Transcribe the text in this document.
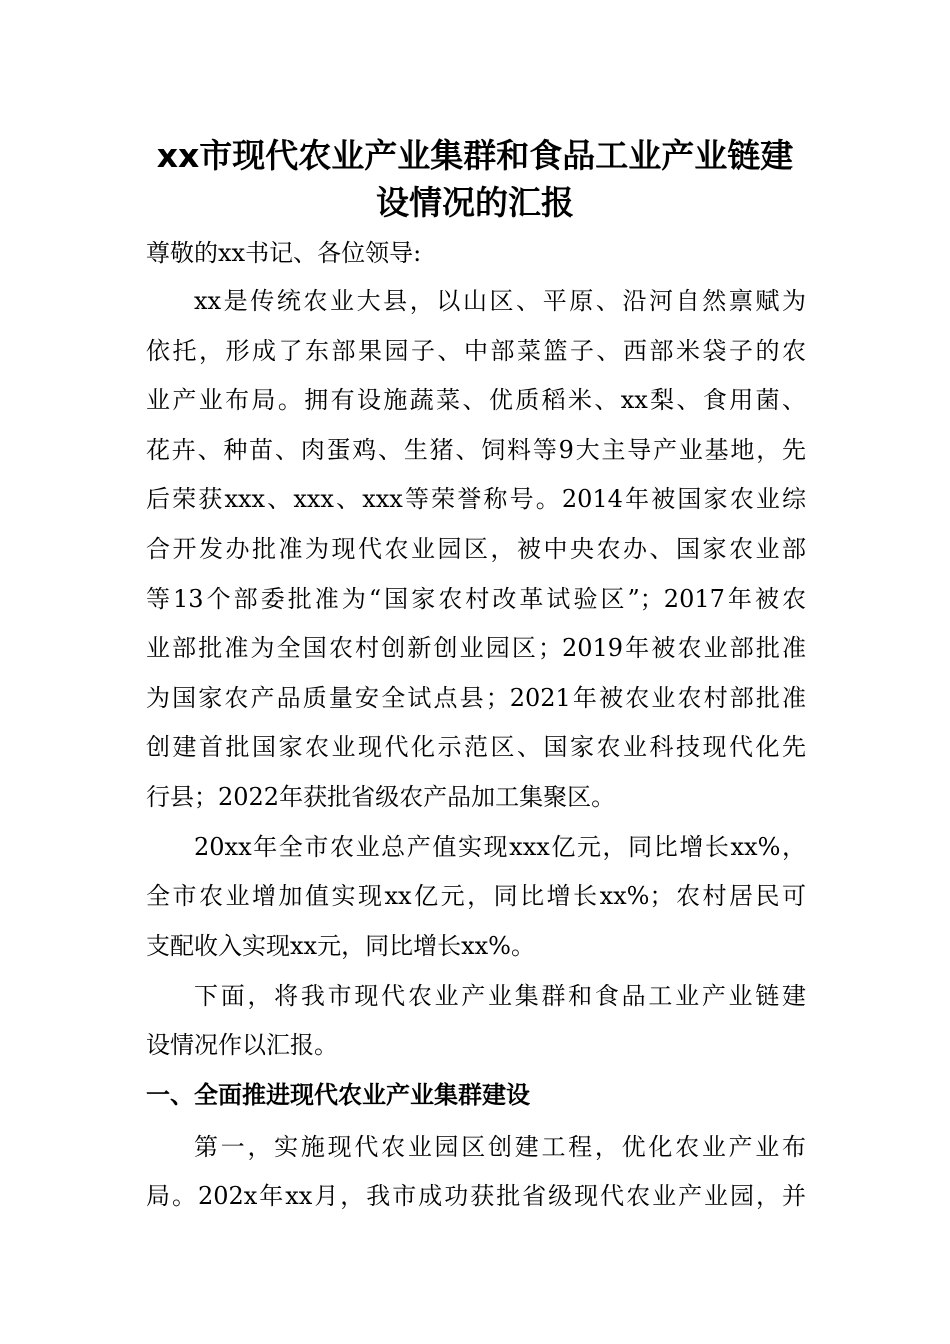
xx市现代农业产业集群和食品工业产业链建
设情况的汇报
尊敬的xx书记、各位领导:
xx是传统农业大县，以山区、平原、沿河自然禀赋为
依托，形成了东部果园子、中部菜篮子、西部米袋子的农
业产业布局。拥有设施蔬菜、优质稻米、xx梨、食用菌、
花卉、种苗、肉蛋鸡、生猪、饲料等9大主导产业基地，先
后荣获xxx、xxx、xxx等荣誉称号。2014年被国家农业综
合开发办批准为现代农业园区，被中央农办、国家农业部
等13个部委批准为“国家农村改革试验区”；2017年被农
业部批准为全国农村创新创业园区；2019年被农业部批准
为国家农产品质量安全试点县；2021年被农业农村部批准
创建首批国家农业现代化示范区、国家农业科技现代化先
行县；2022年获批省级农产品加工集聚区。
20xx年全市农业总产值实现xxx亿元，同比增长xx%，
全市农业增加值实现xx亿元，同比增长xx%；农村居民可
支配收入实现xx元，同比增长xx%。
下面，将我市现代农业产业集群和食品工业产业链建
设情况作以汇报。
一、全面推进现代农业产业集群建设
第一，实施现代农业园区创建工程，优化农业产业布
局。202x年xx月，我市成功获批省级现代农业产业园，并
